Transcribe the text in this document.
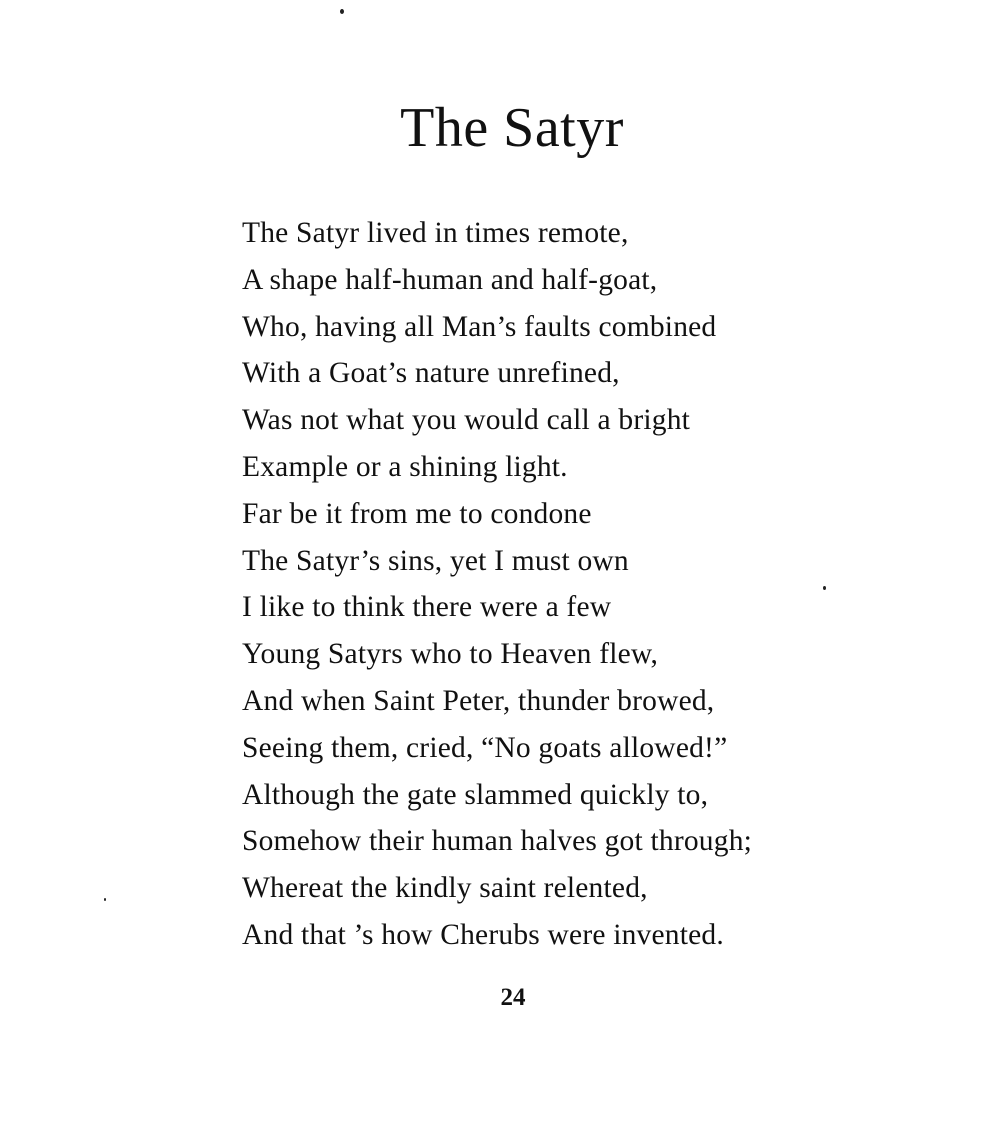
The Satyr
The Satyr lived in times remote,
A shape half-human and half-goat,
Who, having all Man’s faults combined
With a Goat’s nature unrefined,
Was not what you would call a bright
Example or a shining light.
Far be it from me to condone
The Satyr’s sins, yet I must own
I like to think there were a few
Young Satyrs who to Heaven flew,
And when Saint Peter, thunder browed,
Seeing them, cried, “No goats allowed!”
Although the gate slammed quickly to,
Somehow their human halves got through;
Whereat the kindly saint relented,
And that ’s how Cherubs were invented.
24
